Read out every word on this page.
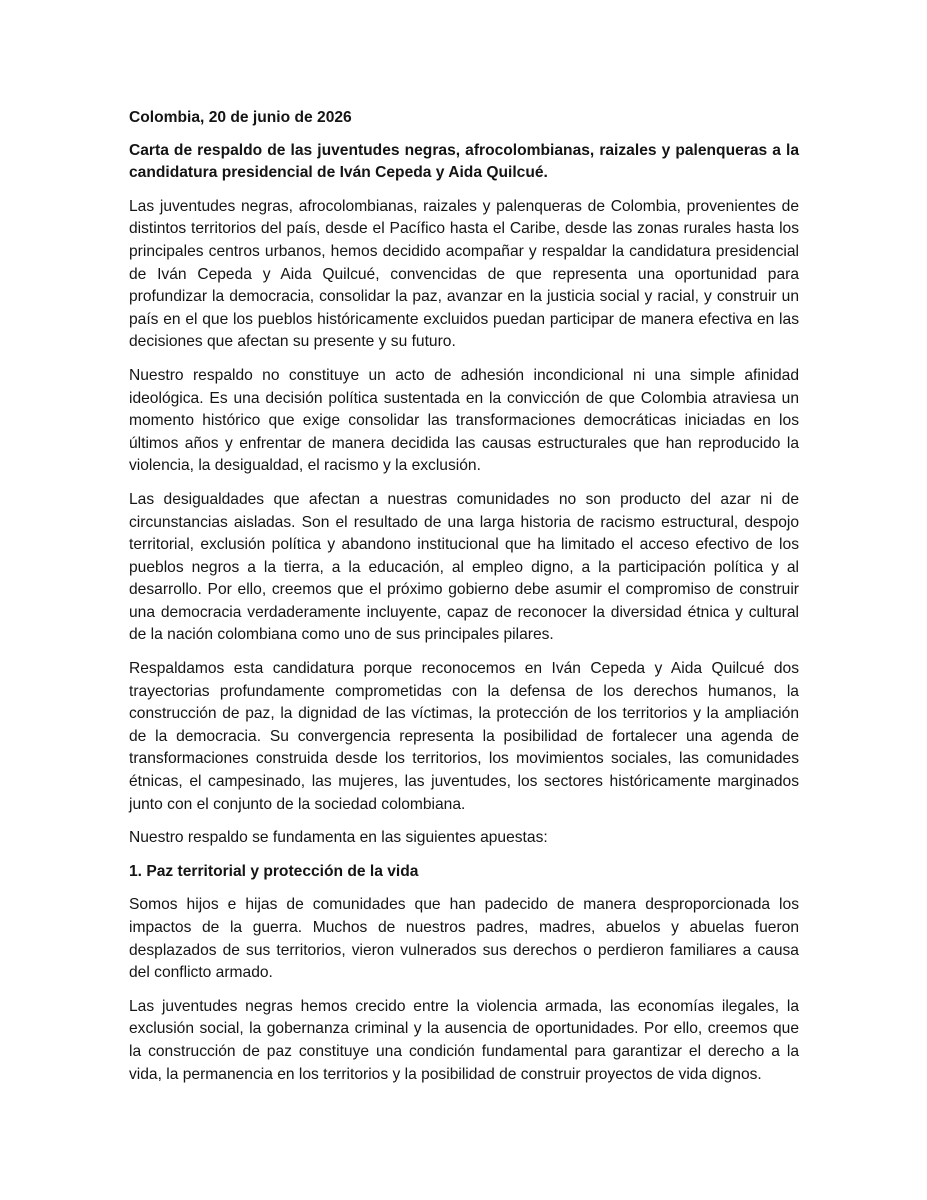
Colombia, 20 de junio de 2026

Carta de respaldo de las juventudes negras, afrocolombianas, raizales y palenqueras a la candidatura presidencial de Iván Cepeda y Aida Quilcué.

Las juventudes negras, afrocolombianas, raizales y palenqueras de Colombia, provenientes de distintos territorios del país, desde el Pacífico hasta el Caribe, desde las zonas rurales hasta los principales centros urbanos, hemos decidido acompañar y respaldar la candidatura presidencial de Iván Cepeda y Aida Quilcué, convencidas de que representa una oportunidad para profundizar la democracia, consolidar la paz, avanzar en la justicia social y racial, y construir un país en el que los pueblos históricamente excluidos puedan participar de manera efectiva en las decisiones que afectan su presente y su futuro.

Nuestro respaldo no constituye un acto de adhesión incondicional ni una simple afinidad ideológica. Es una decisión política sustentada en la convicción de que Colombia atraviesa un momento histórico que exige consolidar las transformaciones democráticas iniciadas en los últimos años y enfrentar de manera decidida las causas estructurales que han reproducido la violencia, la desigualdad, el racismo y la exclusión.

Las desigualdades que afectan a nuestras comunidades no son producto del azar ni de circunstancias aisladas. Son el resultado de una larga historia de racismo estructural, despojo territorial, exclusión política y abandono institucional que ha limitado el acceso efectivo de los pueblos negros a la tierra, a la educación, al empleo digno, a la participación política y al desarrollo. Por ello, creemos que el próximo gobierno debe asumir el compromiso de construir una democracia verdaderamente incluyente, capaz de reconocer la diversidad étnica y cultural de la nación colombiana como uno de sus principales pilares.

Respaldamos esta candidatura porque reconocemos en Iván Cepeda y Aida Quilcué dos trayectorias profundamente comprometidas con la defensa de los derechos humanos, la construcción de paz, la dignidad de las víctimas, la protección de los territorios y la ampliación de la democracia. Su convergencia representa la posibilidad de fortalecer una agenda de transformaciones construida desde los territorios, los movimientos sociales, las comunidades étnicas, el campesinado, las mujeres, las juventudes, los sectores históricamente marginados junto con el conjunto de la sociedad colombiana.

Nuestro respaldo se fundamenta en las siguientes apuestas:

1. Paz territorial y protección de la vida

Somos hijos e hijas de comunidades que han padecido de manera desproporcionada los impactos de la guerra. Muchos de nuestros padres, madres, abuelos y abuelas fueron desplazados de sus territorios, vieron vulnerados sus derechos o perdieron familiares a causa del conflicto armado.

Las juventudes negras hemos crecido entre la violencia armada, las economías ilegales, la exclusión social, la gobernanza criminal y la ausencia de oportunidades. Por ello, creemos que la construcción de paz constituye una condición fundamental para garantizar el derecho a la vida, la permanencia en los territorios y la posibilidad de construir proyectos de vida dignos.
